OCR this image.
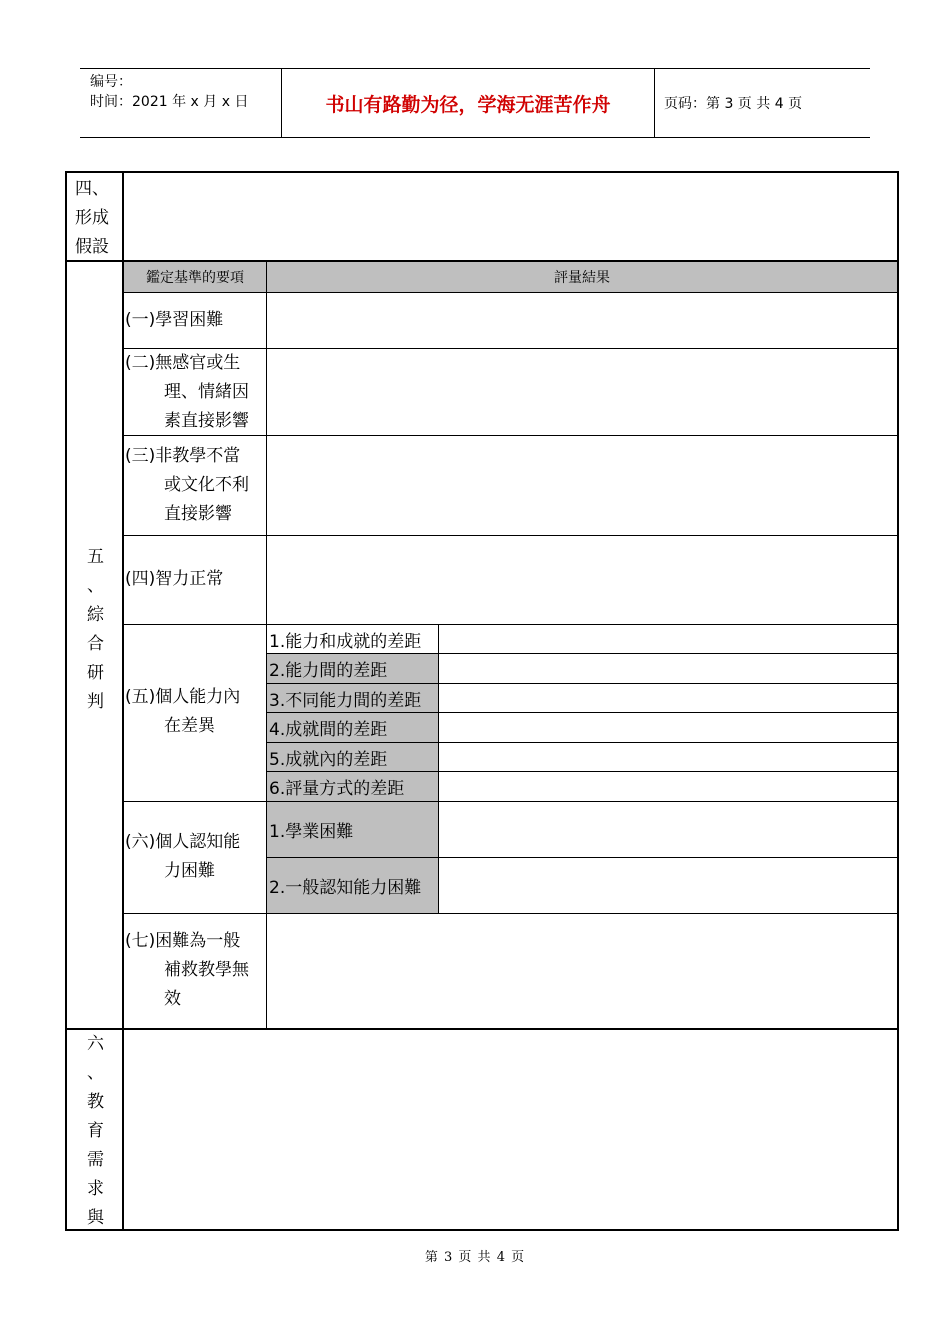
编号：
时间：2021 年 x 月 x 日	书山有路勤为径，学海无涯苦作舟	页码：第 3 页 共 4 页
四、
形成
假設
五
、
綜
合
研
判
鑑定基準的要項	評量結果
(一)學習困難
(二)無感官或生
理、情緒因
素直接影響
(三)非教學不當
或文化不利
直接影響
(四)智力正常
(五)個人能力內
在差異
1.能力和成就的差距
2.能力間的差距
3.不同能力間的差距
4.成就間的差距
5.成就內的差距
6.評量方式的差距
(六)個人認知能
力困難
1.學業困難
2.一般認知能力困難
(七)困難為一般
補救教學無
效
六
、
教
育
需
求
與
第 3 页 共 4 页
